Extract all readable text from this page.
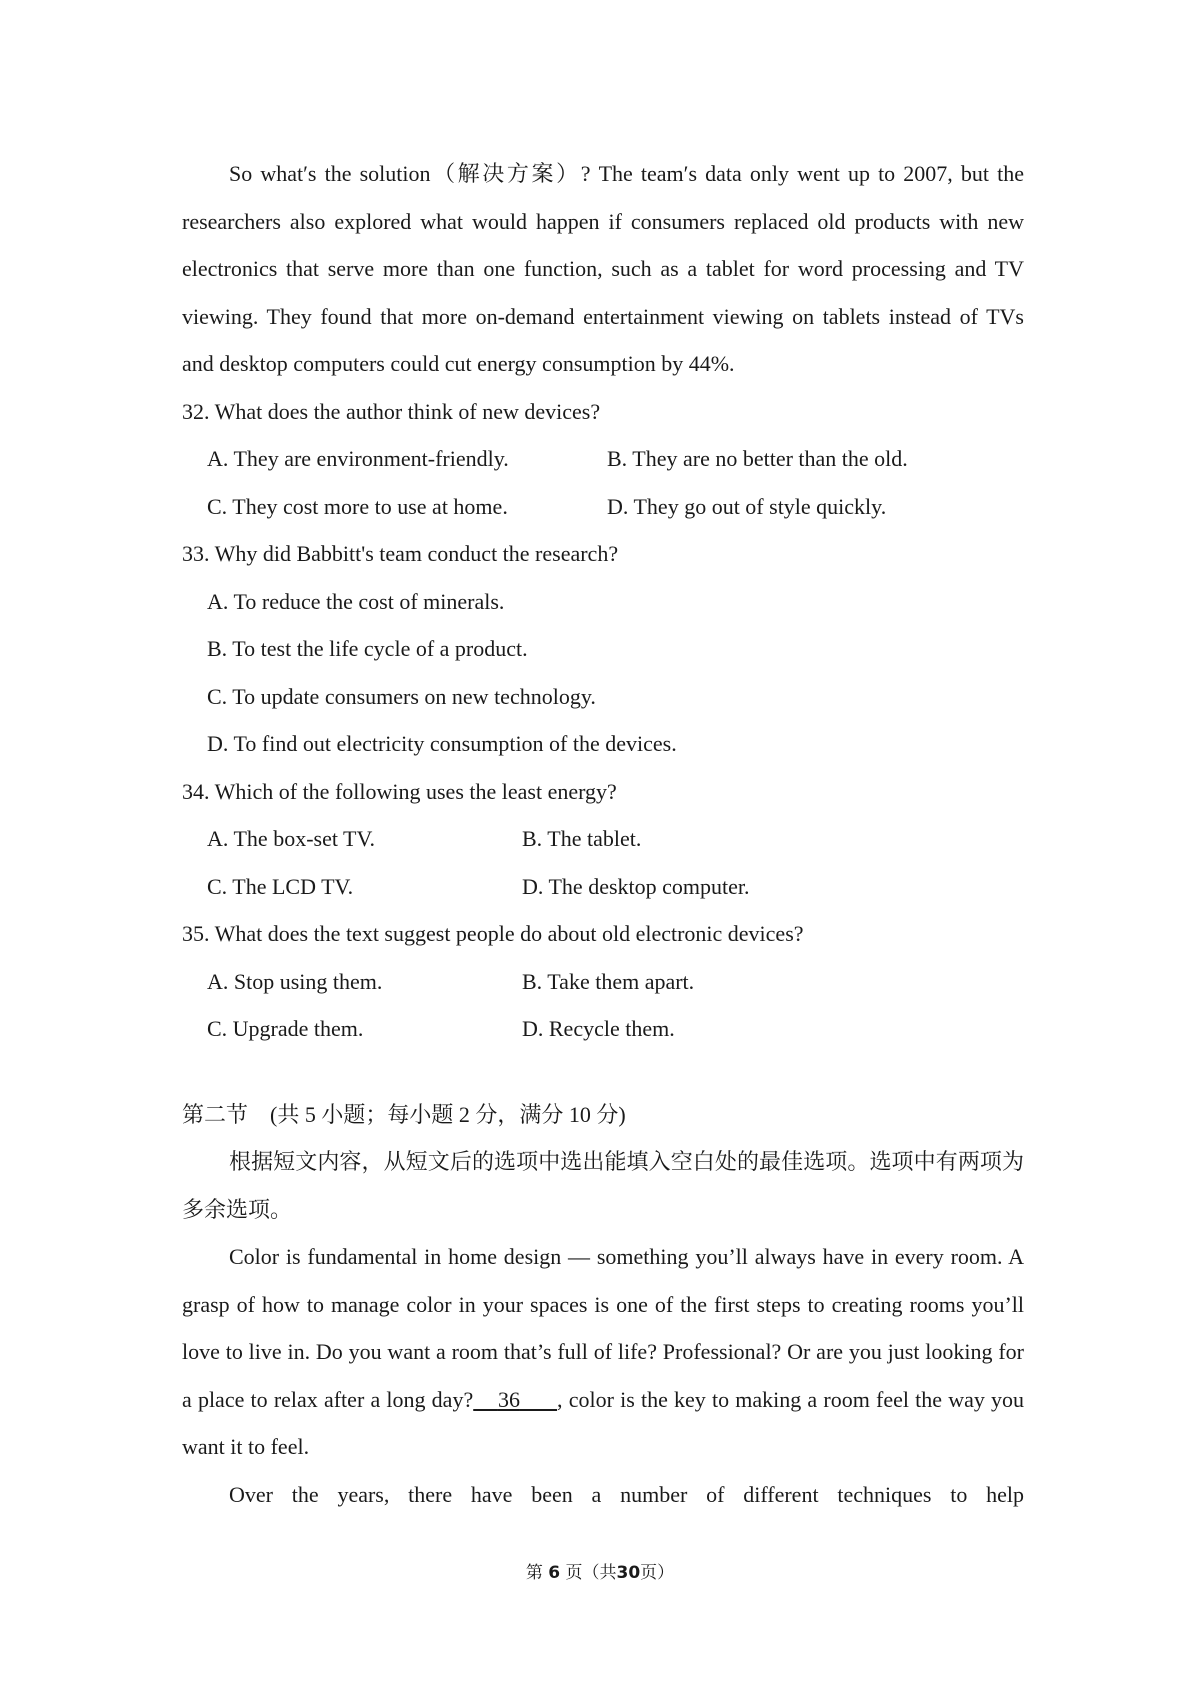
So what′s the solution（解决方案）? The team′s data only went up to 2007, but the researchers also explored what would happen if consumers replaced old products with new electronics that serve more than one function, such as a tablet for word processing and TV viewing. They found that more on-demand entertainment viewing on tablets instead of TVs and desktop computers could cut energy consumption by 44%.

32. What does the author think of new devices?

A. They are environment-friendly.	B. They are no better than the old.
C. They cost more to use at home.	D. They go out of style quickly.

33. Why did Babbitt's team conduct the research?

A. To reduce the cost of minerals.

B. To test the life cycle of a product.

C. To update consumers on new technology.

D. To find out electricity consumption of the devices.

34. Which of the following uses the least energy?

A. The box-set TV.	B. The tablet.
C. The LCD TV.	D. The desktop computer.

35. What does the text suggest people do about old electronic devices?

A. Stop using them.	B. Take them apart.
C. Upgrade them.	D. Recycle them.

第二节 (共 5 小题；每小题 2 分，满分 10 分)

根据短文内容，从短文后的选项中选出能填入空白处的最佳选项。选项中有两项为多余选项。

Color is fundamental in home design — something you’ll always have in every room. A grasp of how to manage color in your spaces is one of the first steps to creating rooms you’ll love to live in. Do you want a room that’s full of life? Professional? Or are you just looking for a place to relax after a long day? 36 , color is the key to making a room feel the way you want it to feel.

Over the years, there have been a number of different techniques to help

第 6 页（共30页）
